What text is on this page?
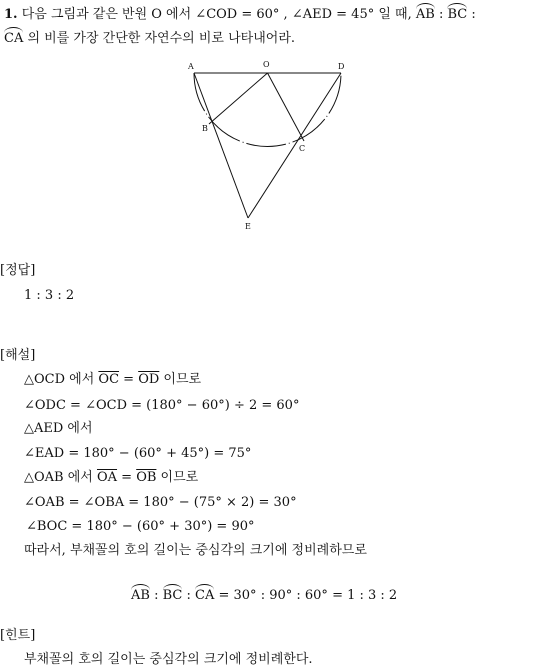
1. 다음 그림과 같은 반원 O 에서 ∠COD = 60° , ∠AED = 45° 일 때, AB : BC :
CA 의 비를 가장 간단한 자연수의 비로 나타내어라.
A	O	D
B
C
E
[정답]
1 : 3 : 2
[해설]
△OCD 에서 $\overline{OC} = \overline{OD}$ 이므로
∠ODC = ∠OCD = (180° − 60°) ÷ 2 = 60°
△AED 에서
∠EAD = 180° − (60° + 45°) = 75°
△OAB 에서 $\overline{OA} = \overline{OB}$ 이므로
∠OAB = ∠OBA = 180° − (75° × 2) = 30°
∠BOC = 180° − (60° + 30°) = 90°
따라서, 부채꼴의 호의 길이는 중심각의 크기에 정비례하므로
AB : BC : CA = 30° : 90° : 60° = 1 : 3 : 2
[힌트]
부채꼴의 호의 길이는 중심각의 크기에 정비례한다.
